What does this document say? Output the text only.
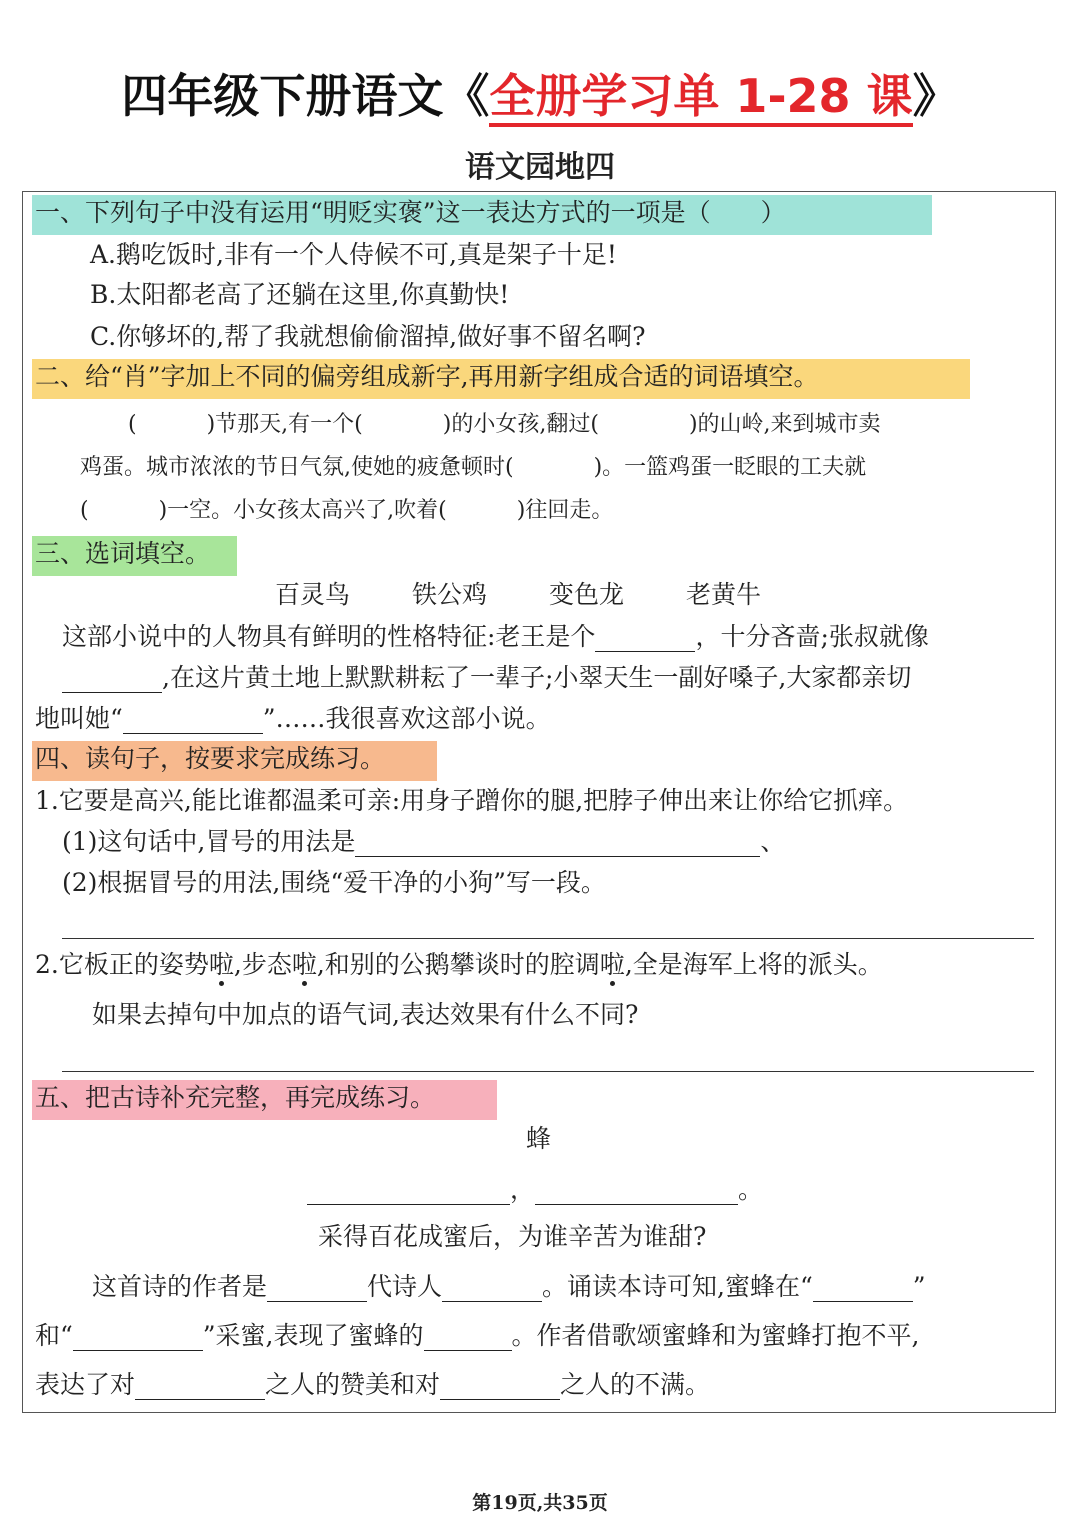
四年级下册语文《全册学习单 1-28 课》
语文园地四
一、下列句子中没有运用“明贬实褒”这一表达方式的一项是（　　）
A.鹅吃饭时,非有一个人侍候不可,真是架子十足!
B.太阳都老高了还躺在这里,你真勤快!
C.你够坏的,帮了我就想偷偷溜掉,做好事不留名啊?
二、给“肖”字加上不同的偏旁组成新字,再用新字组成合适的词语填空。
(	)节那天,有一个(	)的小女孩,翻过(	)的山岭,来到城市卖
鸡蛋。城市浓浓的节日气氛,使她的疲惫顿时(	)。一篮鸡蛋一眨眼的工夫就
(	)一空。小女孩太高兴了,吹着(	)往回走。
三、选词填空。
百灵鸟 铁公鸡 变色龙 老黄牛
这部小说中的人物具有鲜明的性格特征:老王是个	，十分吝啬;张叔就像
,在这片黄土地上默默耕耘了一辈子;小翠天生一副好嗓子,大家都亲切
地叫她“	”……我很喜欢这部小说。
四、读句子，按要求完成练习。
1.它要是高兴,能比谁都温柔可亲:用身子蹭你的腿,把脖子伸出来让你给它抓痒。
(1)这句话中,冒号的用法是	、
(2)根据冒号的用法,围绕“爱干净的小狗”写一段。
2.它板正的姿势啦,步态啦,和别的公鹅攀谈时的腔调啦,全是海军上将的派头。
如果去掉句中加点的语气词,表达效果有什么不同?
五、把古诗补充完整，再完成练习。
蜂
，	。
采得百花成蜜后，为谁辛苦为谁甜?
这首诗的作者是	代诗人	。诵读本诗可知,蜜蜂在“	”
和“	”采蜜,表现了蜜蜂的	。作者借歌颂蜜蜂和为蜜蜂打抱不平,
表达了对	之人的赞美和对	之人的不满。
第19页,共35页
